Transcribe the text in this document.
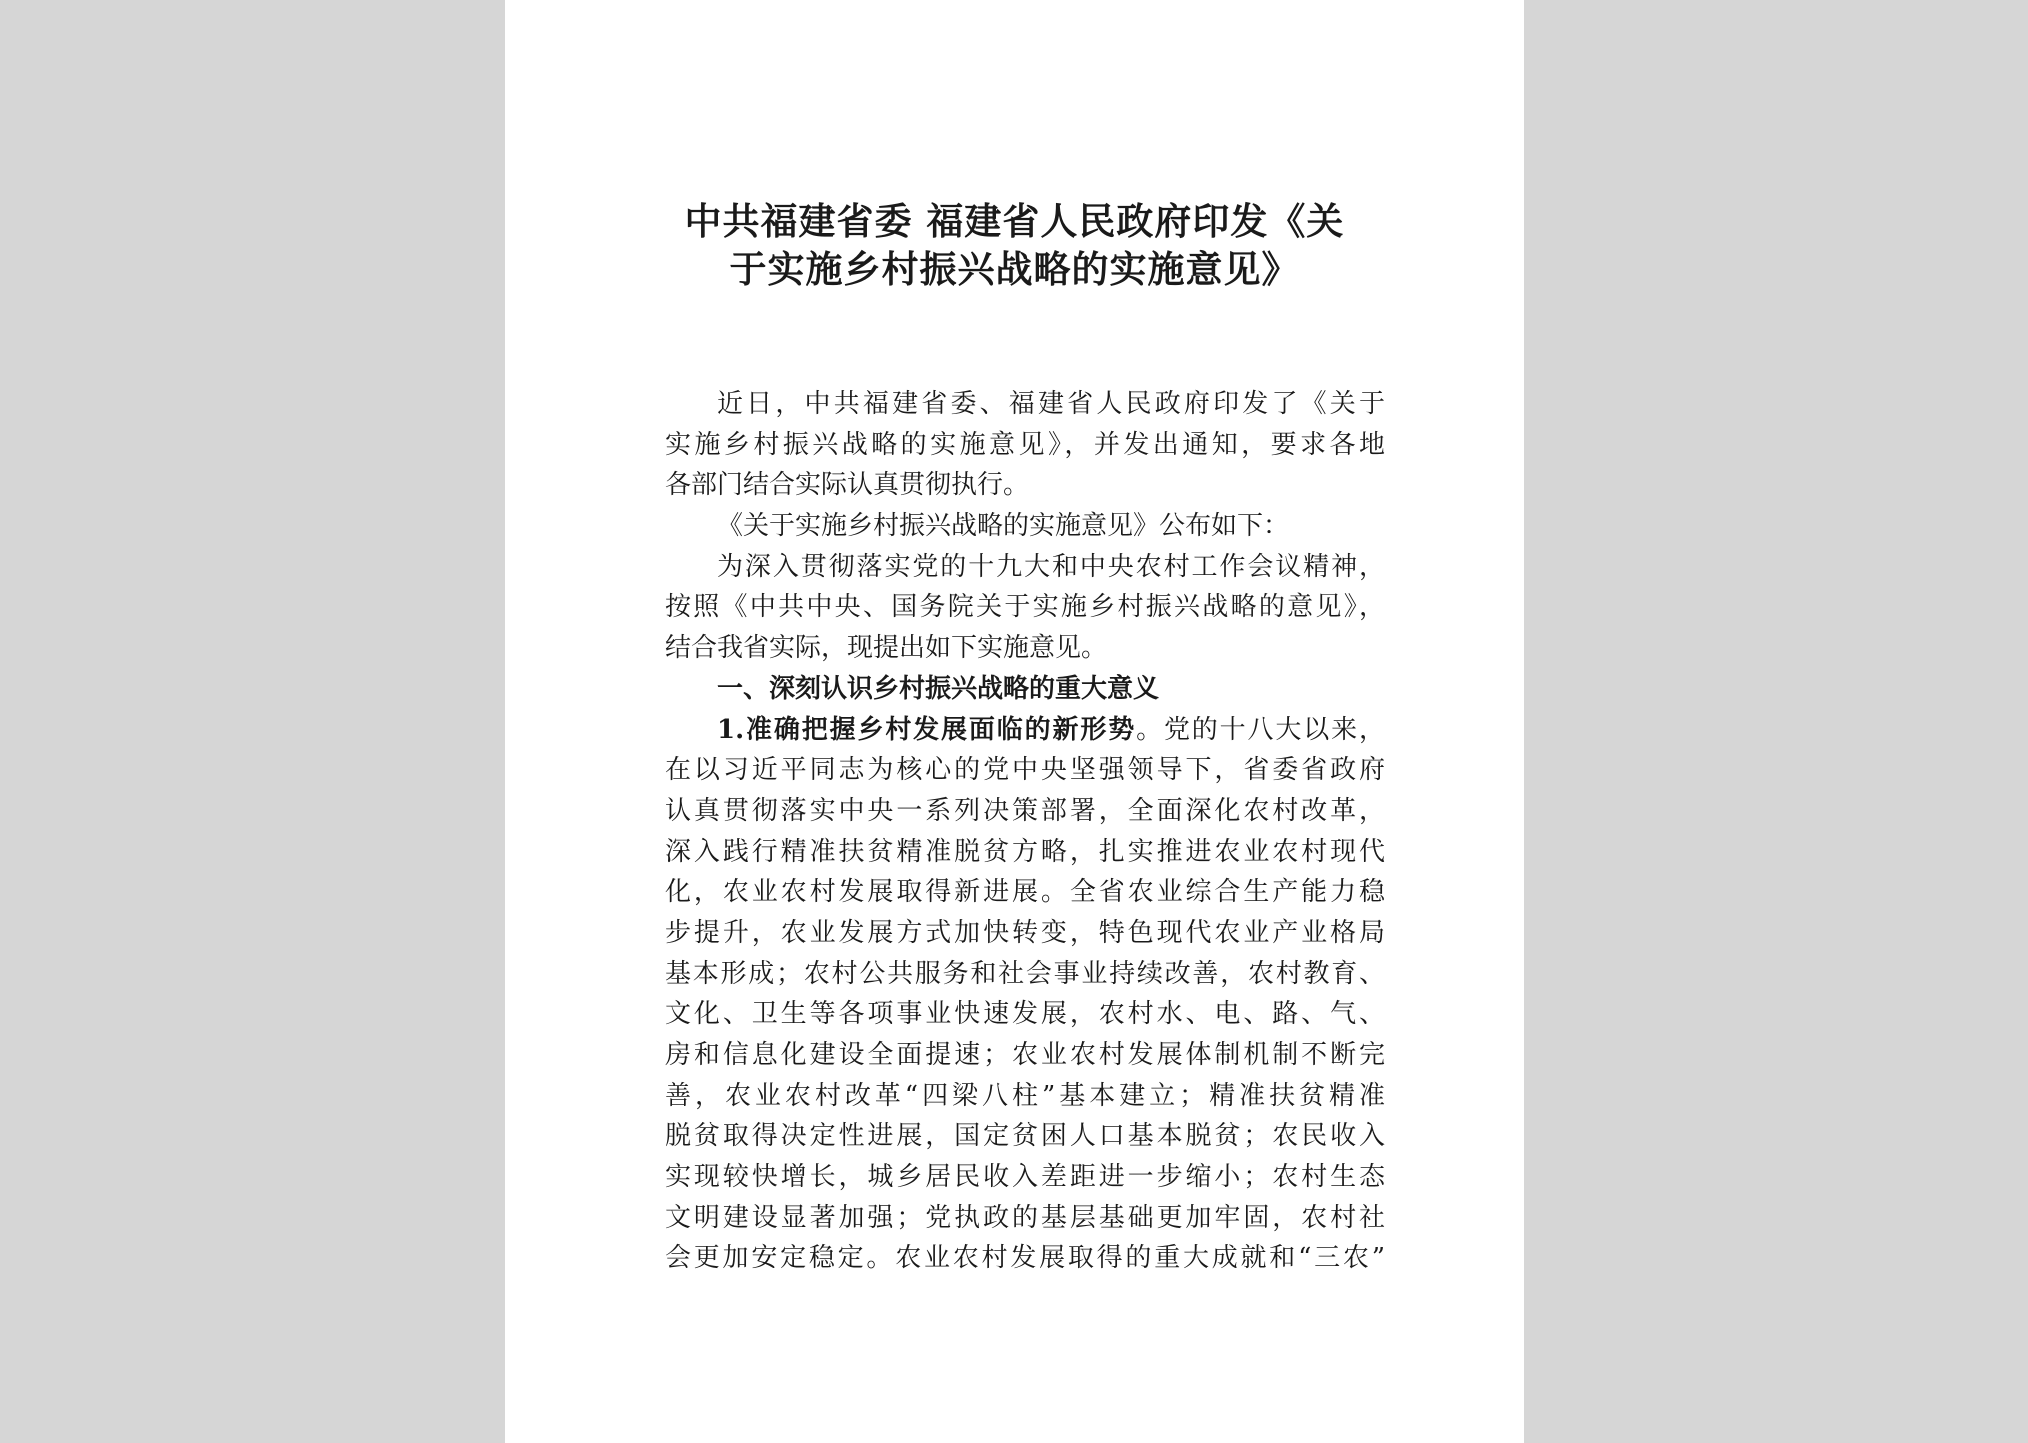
中共福建省委 福建省人民政府印发《关
于实施乡村振兴战略的实施意见》
近日，中共福建省委、福建省人民政府印发了《关于
实施乡村振兴战略的实施意见》，并发出通知，要求各地
各部门结合实际认真贯彻执行。
《关于实施乡村振兴战略的实施意见》公布如下：
为深入贯彻落实党的十九大和中央农村工作会议精神，
按照《中共中央、国务院关于实施乡村振兴战略的意见》，
结合我省实际，现提出如下实施意见。
一、深刻认识乡村振兴战略的重大意义
1.准确把握乡村发展面临的新形势。党的十八大以来，
在以习近平同志为核心的党中央坚强领导下，省委省政府
认真贯彻落实中央一系列决策部署，全面深化农村改革，
深入践行精准扶贫精准脱贫方略，扎实推进农业农村现代
化，农业农村发展取得新进展。全省农业综合生产能力稳
步提升，农业发展方式加快转变，特色现代农业产业格局
基本形成；农村公共服务和社会事业持续改善，农村教育、
文化、卫生等各项事业快速发展，农村水、电、路、气、
房和信息化建设全面提速；农业农村发展体制机制不断完
善，农业农村改革“四梁八柱”基本建立；精准扶贫精准
脱贫取得决定性进展，国定贫困人口基本脱贫；农民收入
实现较快增长，城乡居民收入差距进一步缩小；农村生态
文明建设显著加强；党执政的基层基础更加牢固，农村社
会更加安定稳定。农业农村发展取得的重大成就和“三农”
